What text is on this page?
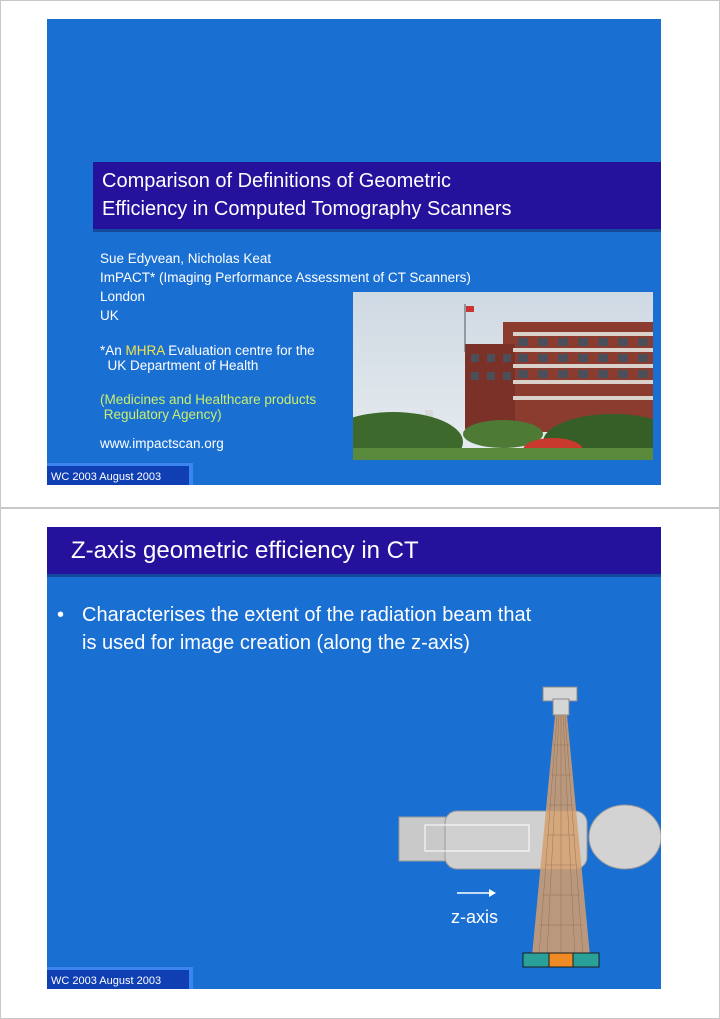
Comparison of Definitions of Geometric
Efficiency in Computed Tomography Scanners
Sue Edyvean, Nicholas Keat
ImPACT* (Imaging Performance Assessment of CT Scanners)
London
UK
*An MHRA Evaluation centre for the
UK Department of Health
(Medicines and Healthcare products
Regulatory Agency)
www.impactscan.org
WC 2003 August 2003
Z-axis geometric efficiency in CT
• Characterises the extent of the radiation beam that
is used for image creation (along the z-axis)
z-axis
WC 2003 August 2003
